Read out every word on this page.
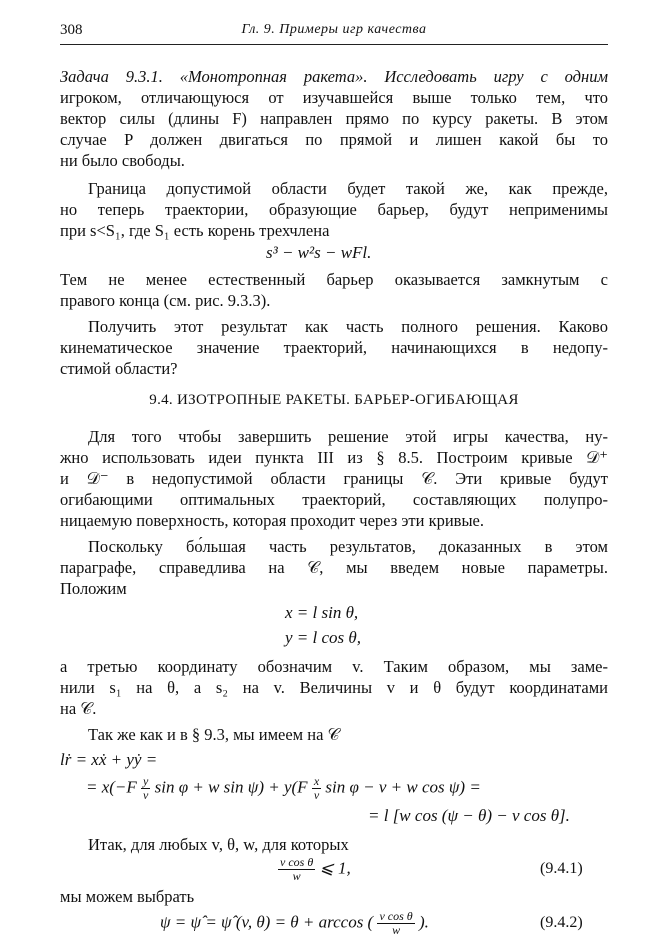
308	Гл. 9. Примеры игр качества
Задача 9.3.1. «Монотропная ракета». Исследовать игру с одним
игроком, отличающуюся от изучавшейся выше только тем, что
вектор силы (длины F) направлен прямо по курсу ракеты. В этом
случае P должен двигаться по прямой и лишен какой бы то
ни было свободы.
Граница допустимой области будет такой же, как прежде,
но теперь траектории, образующие барьер, будут неприменимы
при s<S₁, где S₁ есть корень трехчлена
s³ − w²s − wFl.
Тем не менее естественный барьер оказывается замкнутым с
правого конца (см. рис. 9.3.3).
Получить этот результат как часть полного решения. Каково
кинематическое значение траекторий, начинающихся в недопу-
стимой области?
9.4. ИЗОТРОПНЫЕ РАКЕТЫ. БАРЬЕР-ОГИБАЮЩАЯ
Для того чтобы завершить решение этой игры качества, ну-
жно использовать идеи пункта III из § 8.5. Построим кривые 𝒟⁺
и 𝒟⁻ в недопустимой области границы 𝒞. Эти кривые будут
огибающими оптимальных траекторий, составляющих полупро-
ницаемую поверхность, которая проходит через эти кривые.
Поскольку бо́льшая часть результатов, доказанных в этом
параграфе, справедлива на 𝒞, мы введем новые параметры.
Положим
x = l sin θ,
y = l cos θ,
а третью координату обозначим v. Таким образом, мы заме-
нили s₁ на θ, а s₂ на v. Величины v и θ будут координатами
на 𝒞.
Так же как и в § 9.3, мы имеем на 𝒞
lṙ = xẋ + yẏ =
= $x(-F \frac{y}{v}$ sin φ + w $\sin \psi) + y(F \frac{x}{v}$ sin φ − v + w cos ψ) =
= l [w cos (ψ − θ) − v cos θ].
Итак, для любых v, θ, w, для которых
$\frac{\text{v cos θ}}{w}$ ⩽ 1,	(9.4.1)
мы можем выбрать
ψ = ψ̂ = ψ̂ (v, θ) = θ + arccos ( $\frac{\text{v cos θ}}{w}$ ).	(9.4.2)
